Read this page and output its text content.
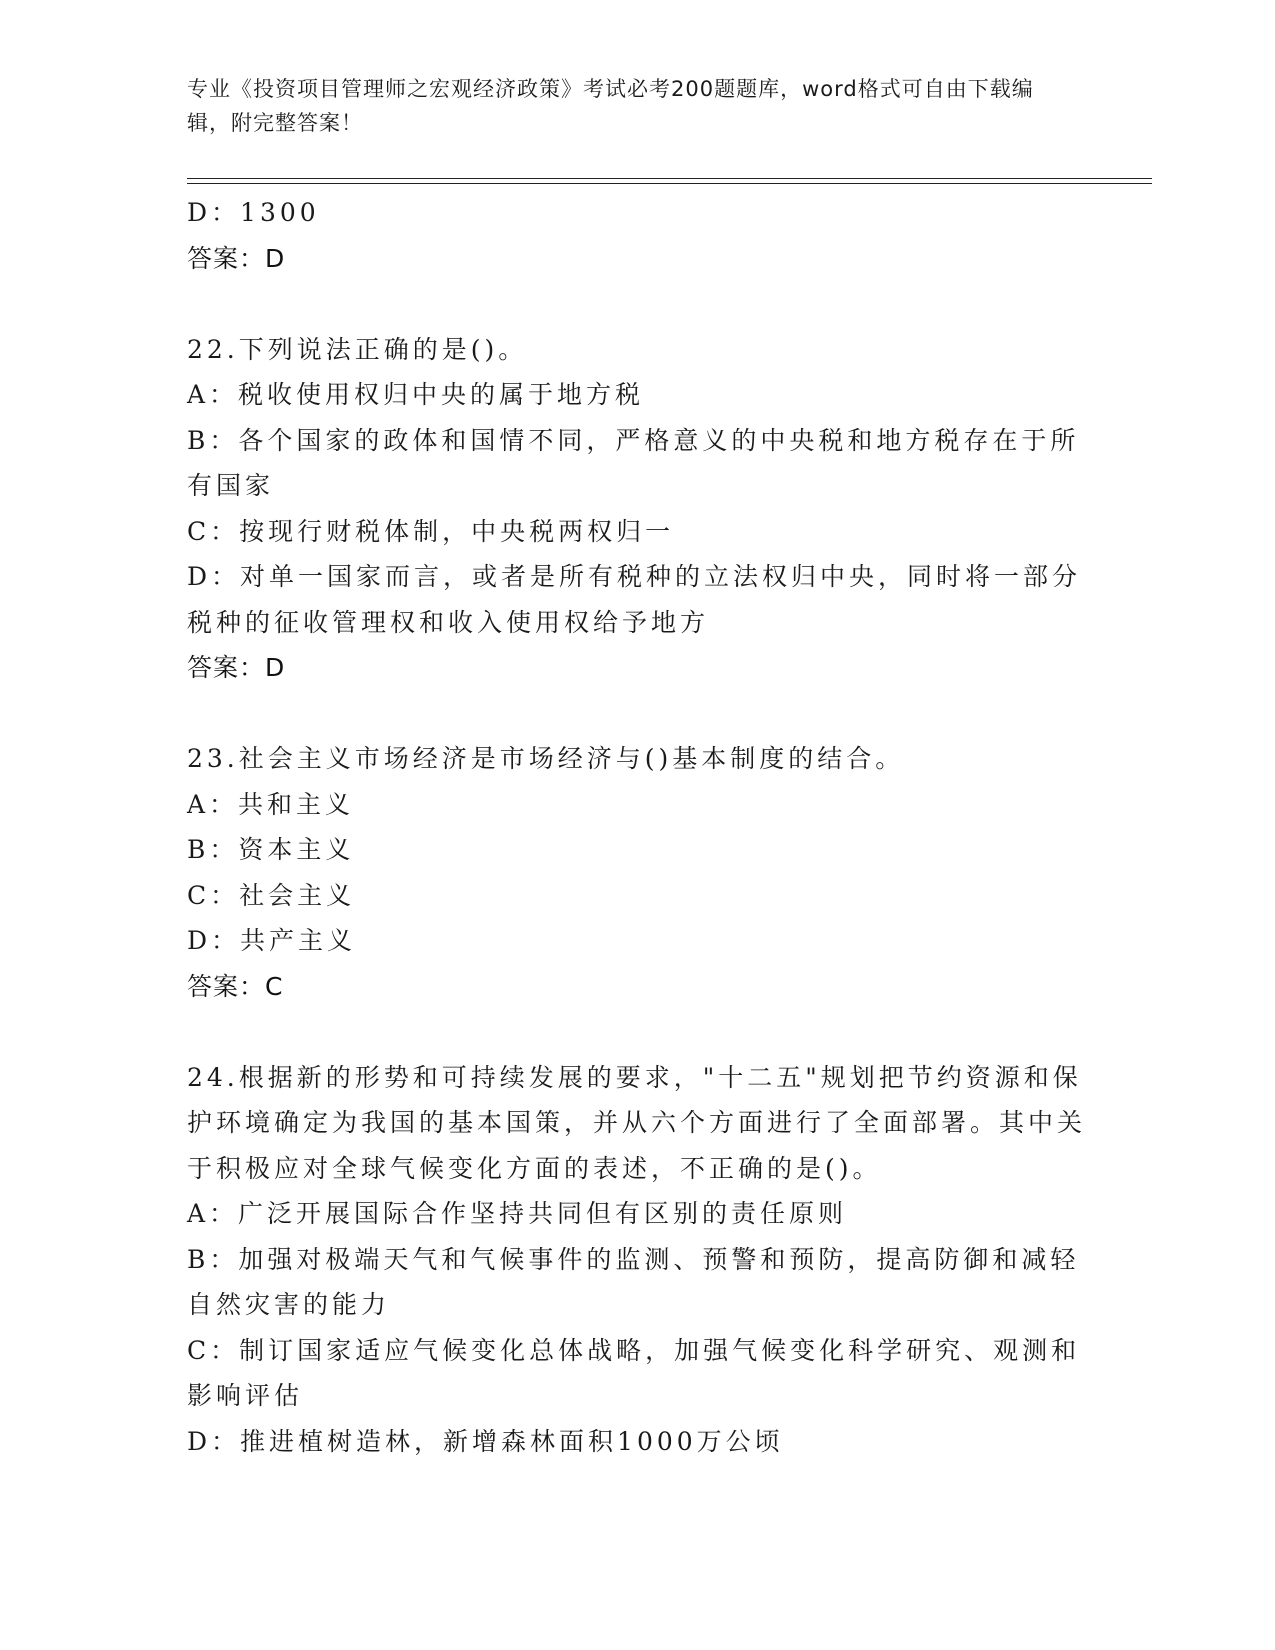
专业《投资项目管理师之宏观经济政策》考试必考200题题库，word格式可自由下载编辑，附完整答案！
D：1300
答案：D
22.下列说法正确的是()。
A：税收使用权归中央的属于地方税
B：各个国家的政体和国情不同，严格意义的中央税和地方税存在于所有国家
C：按现行财税体制，中央税两权归一
D：对单一国家而言，或者是所有税种的立法权归中央，同时将一部分税种的征收管理权和收入使用权给予地方
答案：D
23.社会主义市场经济是市场经济与()基本制度的结合。
A：共和主义
B：资本主义
C：社会主义
D：共产主义
答案：C
24.根据新的形势和可持续发展的要求，"十二五"规划把节约资源和保护环境确定为我国的基本国策，并从六个方面进行了全面部署。其中关于积极应对全球气候变化方面的表述，不正确的是()。
A：广泛开展国际合作坚持共同但有区别的责任原则
B：加强对极端天气和气候事件的监测、预警和预防，提高防御和减轻自然灾害的能力
C：制订国家适应气候变化总体战略，加强气候变化科学研究、观测和影响评估
D：推进植树造林，新增森林面积1000万公顷
